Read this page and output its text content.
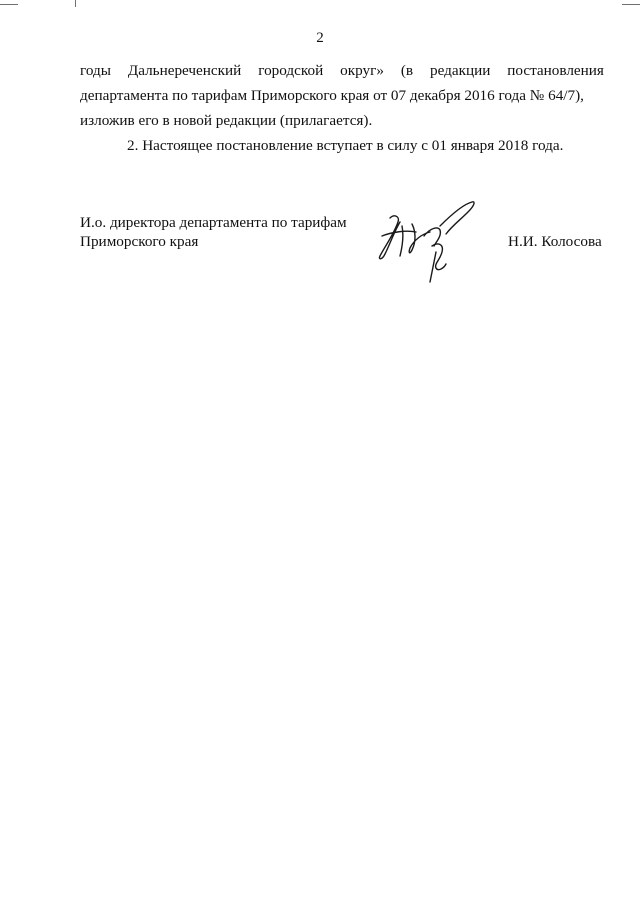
2
годы Дальнереченский городской округ» (в редакции постановления
департамента по тарифам Приморского края от 07 декабря 2016 года № 64/7),
изложив его в новой редакции (прилагается).
2. Настоящее постановление вступает в силу с 01 января 2018 года.
И.о. директора департамента по тарифам
Приморского края	Н.И. Колосова
